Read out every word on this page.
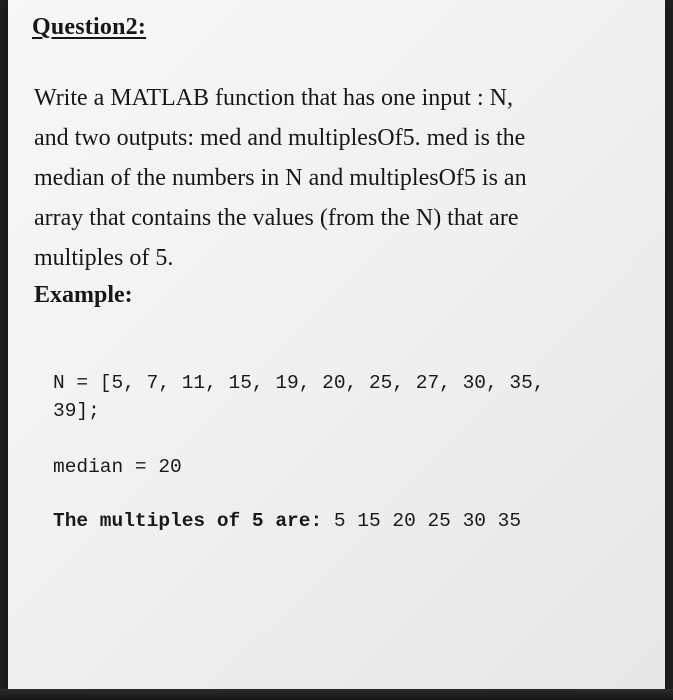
Question2:
Write a MATLAB function that has one input : N,
and two outputs: med and multiplesOf5. med is the
median of the numbers in N and multiplesOf5 is an
array that contains the values (from the N) that are
multiples of 5.
Example:
N = [5, 7, 11, 15, 19, 20, 25, 27, 30, 35,
39];
median = 20
The multiples of 5 are: 5 15 20 25 30 35
